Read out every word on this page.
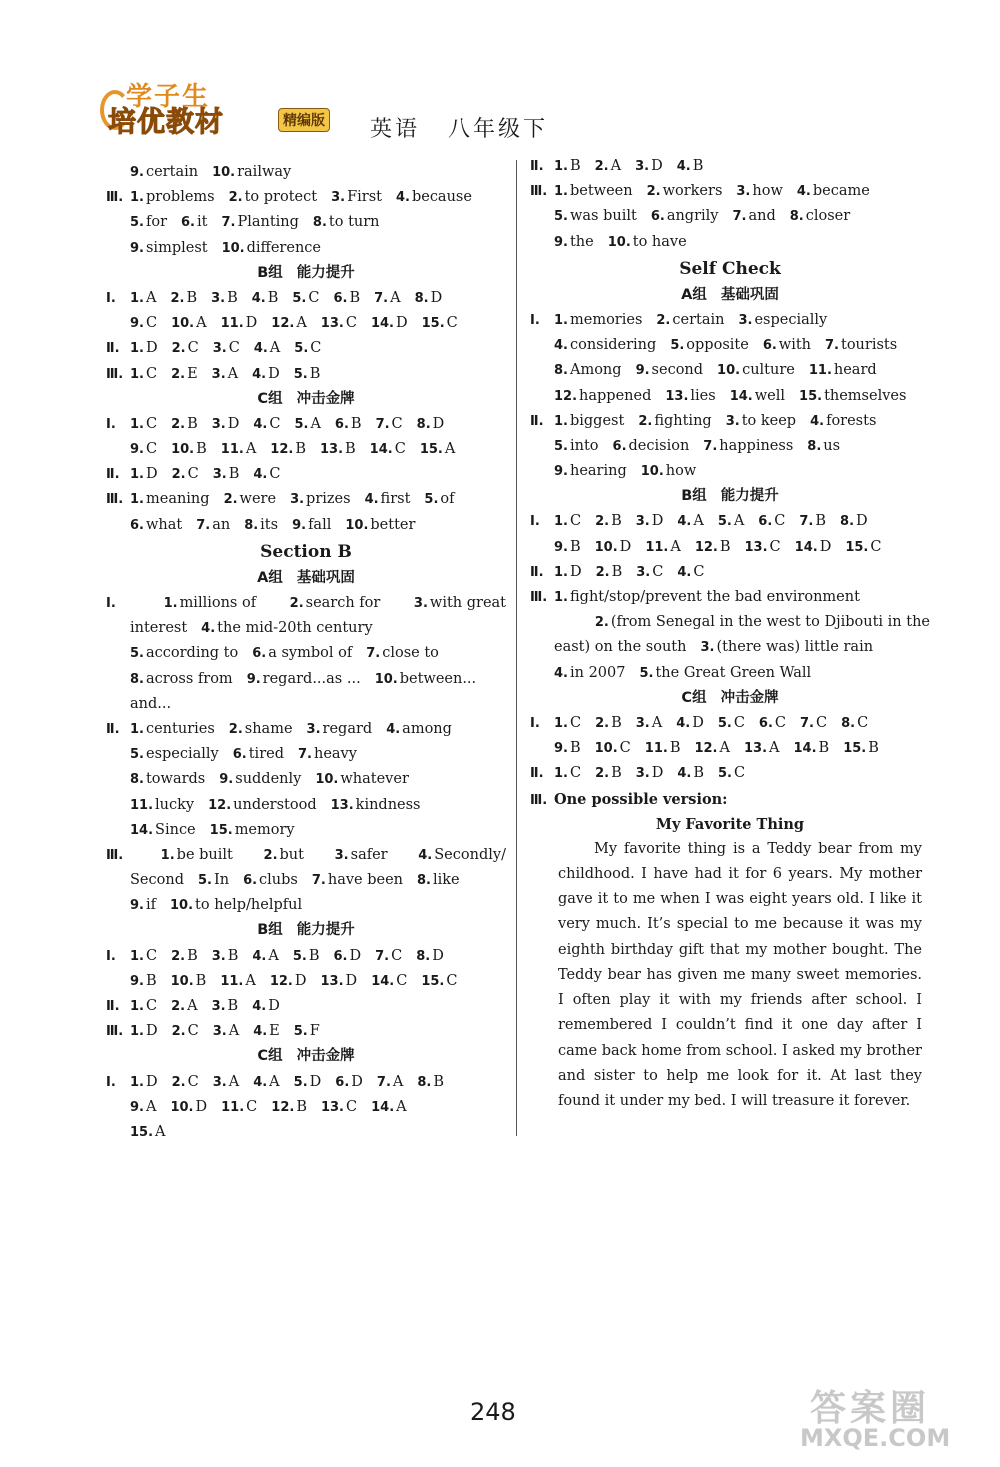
学子生
培优教材	精编版 英语 八年级下
9. certain 10. railway
Ⅲ. 1. problems 2. to protect 3. First 4. because
5. for 6. it 7. Planting 8. to turn
9. simplest 10. difference
B组 能力提升
Ⅰ. 1. A 2. B 3. B 4. B 5. C 6. B 7. A 8. D
9. C 10. A 11. D 12. A 13. C 14. D 15. C
Ⅱ. 1. D 2. C 3. C 4. A 5. C
Ⅲ. 1. C 2. E 3. A 4. D 5. B
C组 冲击金牌
Ⅰ. 1. C 2. B 3. D 4. C 5. A 6. B 7. C 8. D
9. C 10. B 11. A 12. B 13. B 14. C 15. A
Ⅱ. 1. D 2. C 3. B 4. C
Ⅲ. 1. meaning 2. were 3. prizes 4. first 5. of
6. what 7. an 8. its 9. fall 10. better
Section B
A组 基础巩固
Ⅰ.	1. millions of	2. search for	3. with great
interest 4. the mid-20th century
5. according to 6. a symbol of 7. close to
8. across from 9. regard...as ... 10. between...
and...
Ⅱ. 1. centuries 2. shame 3. regard 4. among
5. especially 6. tired 7. heavy
8. towards 9. suddenly 10. whatever
11. lucky 12. understood 13. kindness
14. Since 15. memory
Ⅲ.	1. be built 2. but 3. safer 4. Secondly/
Second 5. In 6. clubs 7. have been 8. like
9. if 10. to help/helpful
B组 能力提升
Ⅰ. 1. C 2. B 3. B 4. A 5. B 6. D 7. C 8. D
9. B 10. B 11. A 12. D 13. D 14. C 15. C
Ⅱ. 1. C 2. A 3. B 4. D
Ⅲ. 1. D 2. C 3. A 4. E 5. F
C组 冲击金牌
Ⅰ. 1. D 2. C 3. A 4. A 5. D 6. D 7. A 8. B
9. A 10. D 11. C 12. B 13. C 14. A
15. A
Ⅱ. 1. B 2. A 3. D 4. B
Ⅲ. 1. between 2. workers 3. how 4. became
5. was built 6. angrily 7. and 8. closer
9. the 10. to have
Self Check
A组 基础巩固
Ⅰ. 1. memories 2. certain 3. especially
4. considering 5. opposite 6. with 7. tourists
8. Among 9. second 10. culture 11. heard
12. happened 13. lies 14. well 15. themselves
Ⅱ. 1. biggest 2. fighting 3. to keep 4. forests
5. into 6. decision 7. happiness 8. us
9. hearing 10. how
B组 能力提升
Ⅰ. 1. C 2. B 3. D 4. A 5. A 6. C 7. B 8. D
9. B 10. D 11. A 12. B 13. C 14. D 15. C
Ⅱ. 1. D 2. B 3. C 4. C
Ⅲ. 1. fight/stop/prevent the bad environment
2. (from Senegal in the west to Djibouti in the
east) on the south 3. (there was) little rain
4. in 2007 5. the Great Green Wall
C组 冲击金牌
Ⅰ. 1. C 2. B 3. A 4. D 5. C 6. C 7. C 8. C
9. B 10. C 11. B 12. A 13. A 14. B 15. B
Ⅱ. 1. C 2. B 3. D 4. B 5. C
Ⅲ. One possible version:
My Favorite Thing
My favorite thing is a Teddy bear from my childhood. I have had it for 6 years. My mother gave it to me when I was eight years old. I like it very much. It’s special to me because it was my eighth birthday gift that my mother bought. The Teddy bear has given me many sweet memories. I often play it with my friends after school. I remembered I couldn’t find it one day after I came back home from school. I asked my brother and sister to help me look for it. At last they found it under my bed. I will treasure it forever.
248	答案圈
MXQE.COM
